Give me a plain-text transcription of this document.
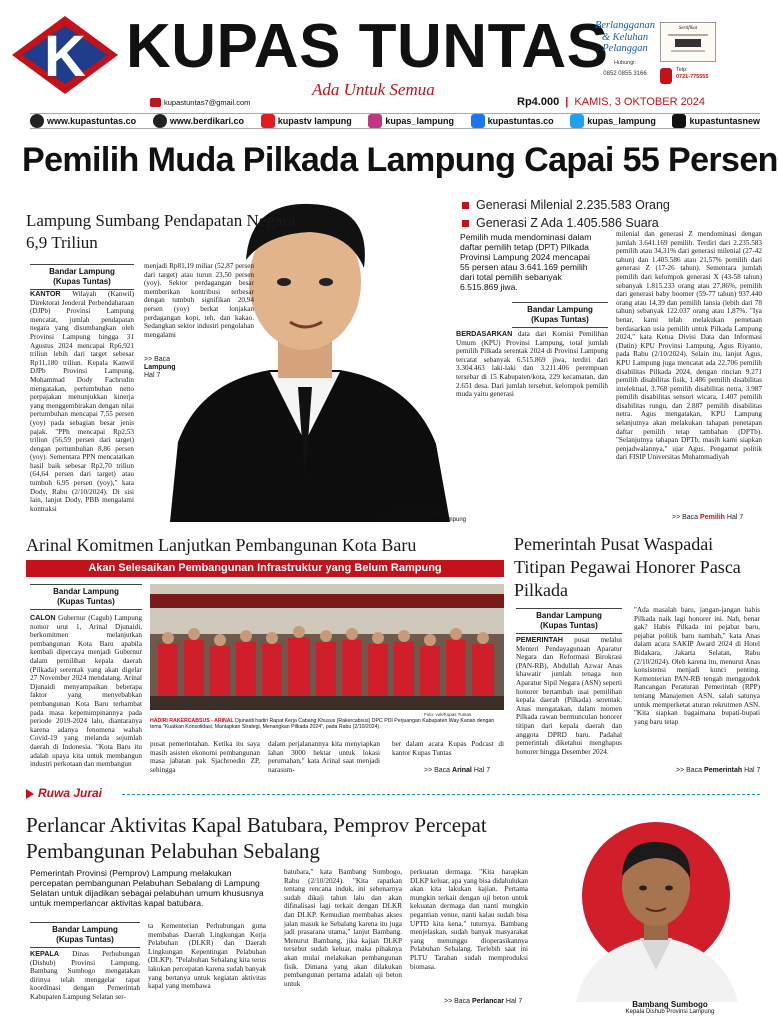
K KUPAS TUNTAS
Ada Untuk Semua
kupastuntas7@gmail.com	Rp4.000 | KAMIS, 3 OKTOBER 2024
Berlangganan
& Keluhan
Pelanggan
Hubungi:
0852 0855 3166
Sertifikat
Telp:
0721-775555
www.kupastuntas.co	www.berdikari.co	kupastv lampung	kupas_lampung	kupastuntas.co	kupas_lampung	kupastuntasnew
Pemilih Muda Pilkada Lampung Capai 55 Persen
Agus Riyanto
Ketua Divisi Datin KPU Lampung
Generasi Milenial 2.235.583 Orang
Generasi Z Ada 1.405.586 Suara
Pemilih muda mendominasi dalam daftar pemilih tetap (DPT) Pilkada Provinsi Lampung 2024 mencapai 55 persen atau 3.641.169 pemilih dari total pemilih sebanyak 6.515.869 jiwa.
Bandar Lampung
(Kupas Tuntas)
BERDASARKAN data dari Komisi Pemilihan Umum (KPU) Provinsi Lampung, total jumlah pemilih Pilkada serentak 2024 di Provinsi Lampung tercatat sebanyak 6.515.869 jiwa, terdiri dari 3.304.463 laki-laki dan 3.211.406 perempuan tersebar di 15 Kabupaten/kota, 229 kecamatan, dan 2.651 desa. Dari jumlah tersebut, kelompok pemilih muda yaitu generasi
milenial dan generasi Z mendominasi dengan jumlah 3.641.169 pemilih. Terdiri dari 2.235.583 pemilih atau 34,31% dari generasi milenial (27-42 tahun) dan 1.405.586 atau 21,57% pemilih dari generasi Z (17-26 tahun). Sementara jumlah pemilih dari kelompok generasi X (43-58 tahun) sebanyak 1.815.233 orang atau 27,86%, pemilih dari generasi baby boomer (59-77 tahun) 937.440 orang atau 14,39 dan pemilih lansia (lebih dari 78 tahun) sebanyak 122.037 orang atau 1,87%. "Iya benar, kami telah melakukan pemetaan berdasarkan usia pemilih untuk Pilkada Lampung 2024," kata Ketua Divisi Data dan Informasi (Datin) KPU Provinsi Lampung, Agus Riyanto, pada Rabu (2/10/2024). Selain itu, lanjut Agus, KPU Lampung juga mencatat ada 22.706 pemilih disabilitas Pilkada 2024, dengan rincian 9.271 pemilih disabilitas fisik, 1.486 pemilih disabilitas intelektual, 3.768 pemilih disabilitas netra, 3.987 pemilih disabilitas sensori wicara, 1.407 pemilih disabilitas rungu, dan 2.887 pemilih disabilitas netra. Agus mengatakan, KPU Lampung selanjutnya akan melakukan tahapan penetapan daftar pemilih tetap tambahan (DPTb). "Selanjutnya tahapan DPTb, masih kami siapkan penjadwalannya," ujar Agus. Pengamat politik dari FISIP Universitas Muhammadiyah
>> Baca Pemilih Hal 7
Lampung Sumbang Pendapatan Negara 6,9 Triliun
Bandar Lampung
(Kupas Tuntas)
KANTOR Wilayah (Kanwil) Direktorat Jenderal Perbendaharaan (DJPb) Provinsi Lampung mencatat, jumlah pendapatan negara yang disumbangkan oleh Provinsi Lampung hingga 31 Agustus 2024 mencapai Rp6,921 triliun lebih dari target sebesar Rp11,180 triliun. Kepala Kanwil DJPb Provinsi Lampung, Mohammad Dody Fachrudin mengatakan, pertumbuhan netto perpajakan menunjukkan kinerja yang menggembirakan dengan nilai pertumbuhan mencapai 7,55 persen (yoy) pada sebagian besar jenis pajak. "PPh mencapai Rp2,53 triliun (56,59 persen dari target) dengan pertumbuhan 8,86 persen (yoy). Sementara PPN mencatatkan hasil baik sebesar Rp2,70 triliun (64,64 persen dari target) atau tumbuh 6,95 persen (yoy)," kata Dody, Rabu (2/10/2024). Di sisi lain, lanjut Dody, PBB mengalami kontraksi
menjadi Rp81,19 miliar (52,87 persen dari target) atau turun 23,50 persen (yoy). Sektor perdagangan besar memberikan kontribusi terbesar dengan tumbuh signifikan 20,94 persen (yoy) berkat lonjakan perdagangan kopi, teh, dan kakao. Sedangkan sektor industri pengolahan mengalami
>> Baca
Lampung
Hal 7
Arinal Komitmen Lanjutkan Pembangunan Kota Baru
Akan Selesaikan Pembangunan Infrastruktur yang Belum Rampung
Bandar Lampung
(Kupas Tuntas)
CALON Gubernur (Cagub) Lampung nomor urut 1, Arinal Djunaidi, berkomitmen melanjutkan pembangunan Kota Baru apabila kembali dipercaya menjadi Gubernur dalam pemilihan kepala daerah (Pilkada) serentak yang akan digelar 27 November 2024 mendatang. Arinal Djunaidi menyampaikan beberapa faktor yang menyebabkan pembangunan Kota Baru terhambat pada masa kepemimpinannya pada periode 2019-2024 lalu, diantaranya karena adanya fenomena wabah Covid-19 yang melanda sejumlah daerah di Indonesia. "Kota Baru itu adalah upaya kita untuk membangun industri perkotaan dan membangun
Foto: vok/Kupas Tuntas
HADIRI RAKERCABSUS - ARINAL Djunaidi hadiri Rapat Kerja Cabang Khusus (Rakercabsus) DPC PDI Perjuangan Kabupaten Way Kanan dengan tema "Kuatkan Konsolidasi, Mantapkan Strategi, Menangkan Pilkada 2024", pada Rabu (2/10/2024).
pusat pemerintahan. Ketika itu saya masih asisten ekonomi pembangunan masa jabatan pak Sjachroedin ZP, sehingga
dalam perjalanannya kita menyiapkan lahan 3000 hektar untuk lokasi perumahan," kata Arinal saat menjadi narasum-
ber dalam acara Kupas Podcast di kantor Kupas Tuntas
>> Baca Arinal Hal 7
Pemerintah Pusat Waspadai Titipan Pegawai Honorer Pasca Pilkada
Bandar Lampung
(Kupas Tuntas)
PEMERINTAH pusat melalui Menteri Pendayagunaan Aparatur Negara dan Reformasi Birokrasi (PAN-RB), Abdullah Azwar Anas khawatir jumlah tenaga non Aparatur Sipil Negara (ASN) seperti honorer bertambah usai pemilihan kepala daerah (Pilkada) serentak. Anas mengatakan, dalam momen Pilkada rawan bermunculan honorer titipan dari kepala daerah dan anggota DPRD baru. Padahal pemerintah diketahui menghapus honorer hingga Desember 2024.
"Ada masalah baru, jangan-jangan habis Pilkada naik lagi honorer ini. Nah, benar gak? Habis Pilkada ini pejabat baru, pejabat politik baru nambah," kata Anas dalam acara SAKIP Award 2024 di Hotel Bidakara, Jakarta Selatan, Rabu (2/10/2024). Oleh karena itu, menurut Anas konsistensi menjadi kunci penting. Kementerian PAN-RB tengah menggodok Rancangan Peraturan Pemerintah (RPP) tentang Manajemen ASN, salah satunya untuk memperketat aturan rekrutmen ASN. "Kita siapkan bagaimana bupati-bupati yang baru tetap
>> Baca Pemerintah Hal 7
Ruwa Jurai
Perlancar Aktivitas Kapal Batubara, Pemprov Percepat Pembangunan Pelabuhan Sebalang
Pemerintah Provinsi (Pemprov) Lampung melakukan percepatan pembangunan Pelabuhan Sebalang di Lampung Selatan untuk dijadikan sebagai pelabuhan umum khususnya untuk memperlancar aktivitas kapal batubara.
Bandar Lampung
(Kupas Tuntas)
KEPALA Dinas Perhubungan (Dishub) Provinsi Lampung, Bambang Sumbogo mengatakan dirinya telah menggelar rapat koordinasi dengan Pemerintah Kabupaten Lampung Selatan ser-
ta Kementerian Perhubungan guna membahas Daerah Lingkungan Kerja Pelabuhan (DLKR) dan Daerah Lingkungan Kepentingan Pelabuhan (DLKP). "Pelabuhan Sebalang kita terus lakukan percepatan karena sudah banyak yang bertanya untuk kegiatan aktivitas kapal yang membawa
batubara," kata Bambang Sumbogo, Rabu (2/10/2024). "Kita rapatkan tentang rencana induk, ini sebenarnya sudah dikaji tahun lalu dan akan difinalisasi lagi terkait dengan DLKR dan DLKP. Kemudian membahas akses jalan masuk ke Sebalang karena itu juga jadi prasarana utama," lanjut Bambang. Menurut Bambang, jika kajian DLKP tersebut sudah keluar, maka pihaknya akan mulai melakukan pembangunan fisik. Dimana yang akan dilakukan pembangunan pertama adalah uji beton untuk
perkuatan dermaga. "Kita harapkan DLKP keluar, apa yang bisa didahulukan akan kita lakukan kajian. Pertama mungkin terkait dengan uji beton untuk kekuatan dermaga dan nanti mungkin pegantian venue, nanti kalau sudah bisa UPTD kita kena," tuturnya. Bambang menjelaskan, sudah banyak masyarakat yang menunggu dioperasikannya Pelabuhan Sebalang. Terlebih saat ini PLTU Tarahan sudah memproduksi biomasa.
>> Baca Perlancar Hal 7	Bambang Sumbogo
Kepala Dishub Provinsi Lampung
